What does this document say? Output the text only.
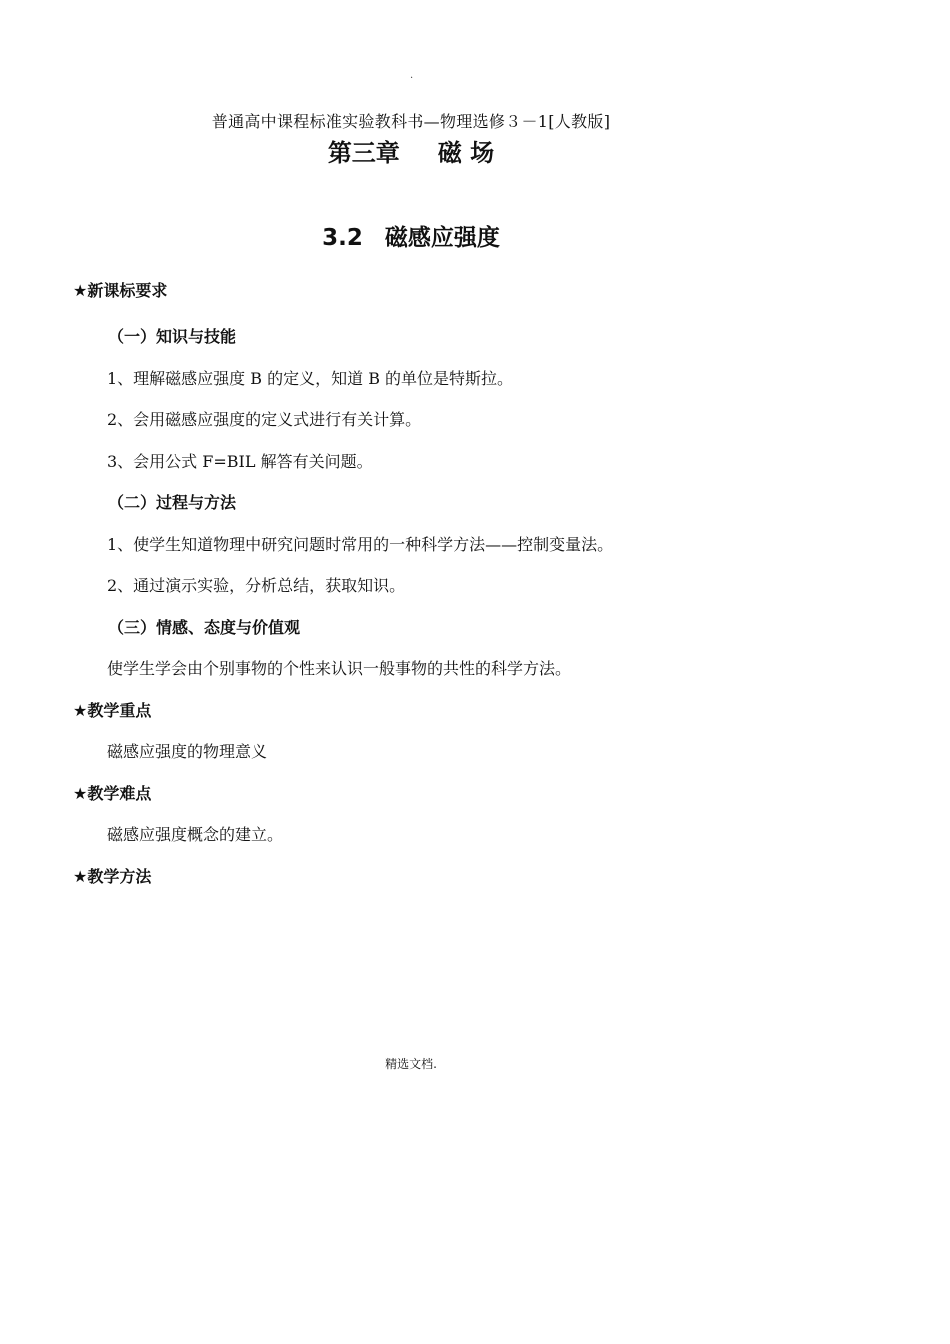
.
普通高中课程标准实验教科书—物理选修３－1[人教版]
第三章 磁 场
3.2 磁感应强度
★新课标要求
（一）知识与技能
1、理解磁感应强度 B 的定义，知道 B 的单位是特斯拉。
2、会用磁感应强度的定义式进行有关计算。
3、会用公式 F=BIL 解答有关问题。
（二）过程与方法
1、使学生知道物理中研究问题时常用的一种科学方法——控制变量法。
2、通过演示实验，分析总结，获取知识。
（三）情感、态度与价值观
使学生学会由个别事物的个性来认识一般事物的共性的科学方法。
★教学重点
磁感应强度的物理意义
★教学难点
磁感应强度概念的建立。
★教学方法
精选文档.
